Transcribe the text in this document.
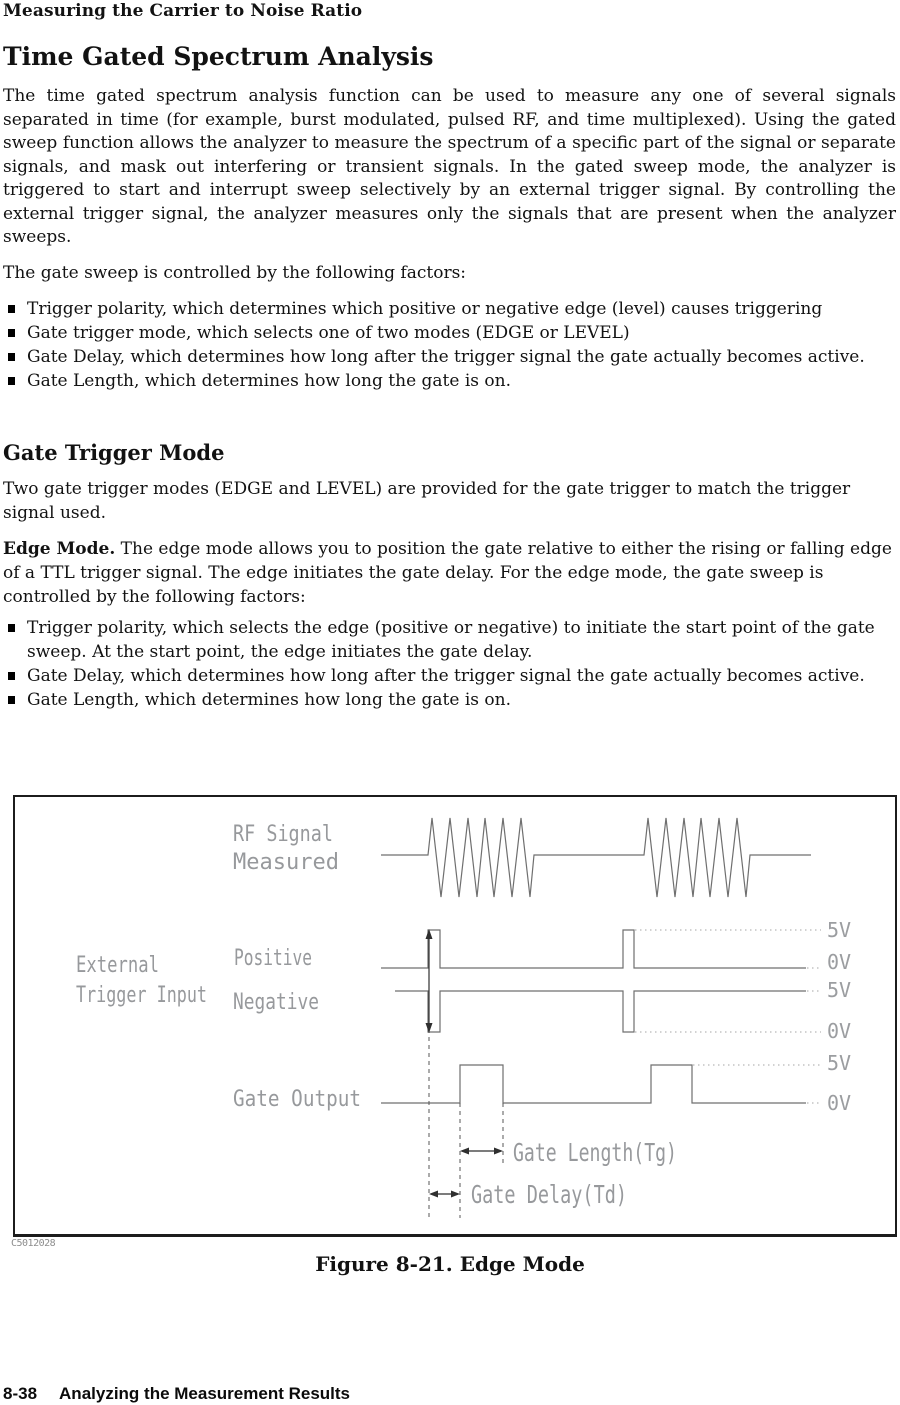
Measuring the Carrier to Noise Ratio
Time Gated Spectrum Analysis
The time gated spectrum analysis function can be used to measure any one of several signals separated in time (for example, burst modulated, pulsed RF, and time multiplexed). Using the gated sweep function allows the analyzer to measure the spectrum of a specific part of the signal or separate signals, and mask out interfering or transient signals. In the gated sweep mode, the analyzer is triggered to start and interrupt sweep selectively by an external trigger signal. By controlling the external trigger signal, the analyzer measures only the signals that are present when the analyzer sweeps.
The gate sweep is controlled by the following factors:
Trigger polarity, which determines which positive or negative edge (level) causes triggering
Gate trigger mode, which selects one of two modes (EDGE or LEVEL)
Gate Delay, which determines how long after the trigger signal the gate actually becomes active.
Gate Length, which determines how long the gate is on.
Gate Trigger Mode
Two gate trigger modes (EDGE and LEVEL) are provided for the gate trigger to match the trigger signal used.
Edge Mode. The edge mode allows you to position the gate relative to either the rising or falling edge of a TTL trigger signal. The edge initiates the gate delay. For the edge mode, the gate sweep is controlled by the following factors:
Trigger polarity, which selects the edge (positive or negative) to initiate the start point of the gate sweep. At the start point, the edge initiates the gate delay.
Gate Delay, which determines how long after the trigger signal the gate actually becomes active.
Gate Length, which determines how long the gate is on.
RF Signal
Measured
External
Trigger Input
Positive
Negative
Gate Output
Gate Length(Tg)
Gate Delay(Td)
5V
0V
5V
0V
5V
0V
C5012028
Figure 8-21. Edge Mode
8-38 Analyzing the Measurement Results
